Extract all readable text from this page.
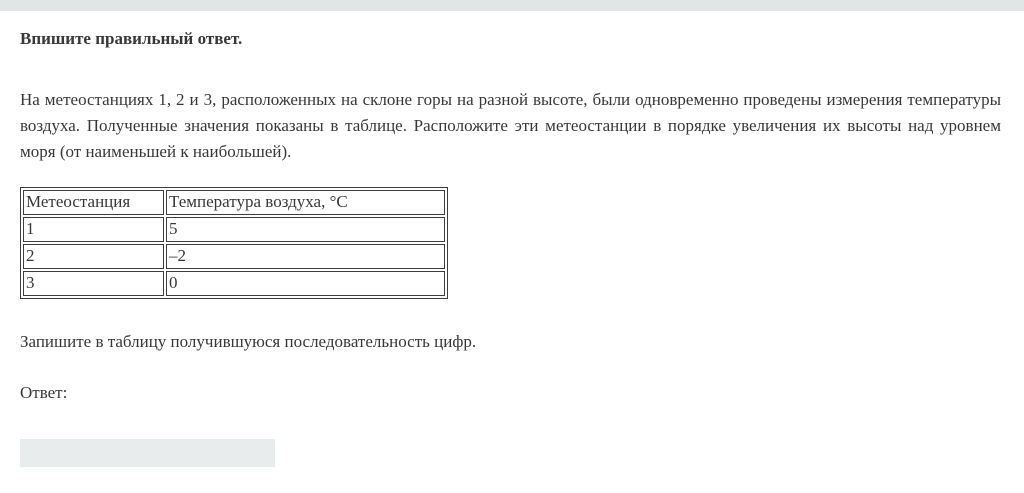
Впишите правильный ответ.

На метеостанциях 1, 2 и 3, расположенных на склоне горы на разной высоте, были одновременно проведены измерения температуры воздуха. Полученные значения показаны в таблице. Расположите эти метеостанции в порядке увеличения их высоты над уровнем моря (от наименьшей к наибольшей).

Метеостанция	Температура воздуха, °С
1	5
2	–2
3	0

Запишите в таблицу получившуюся последовательность цифр.

Ответ:
